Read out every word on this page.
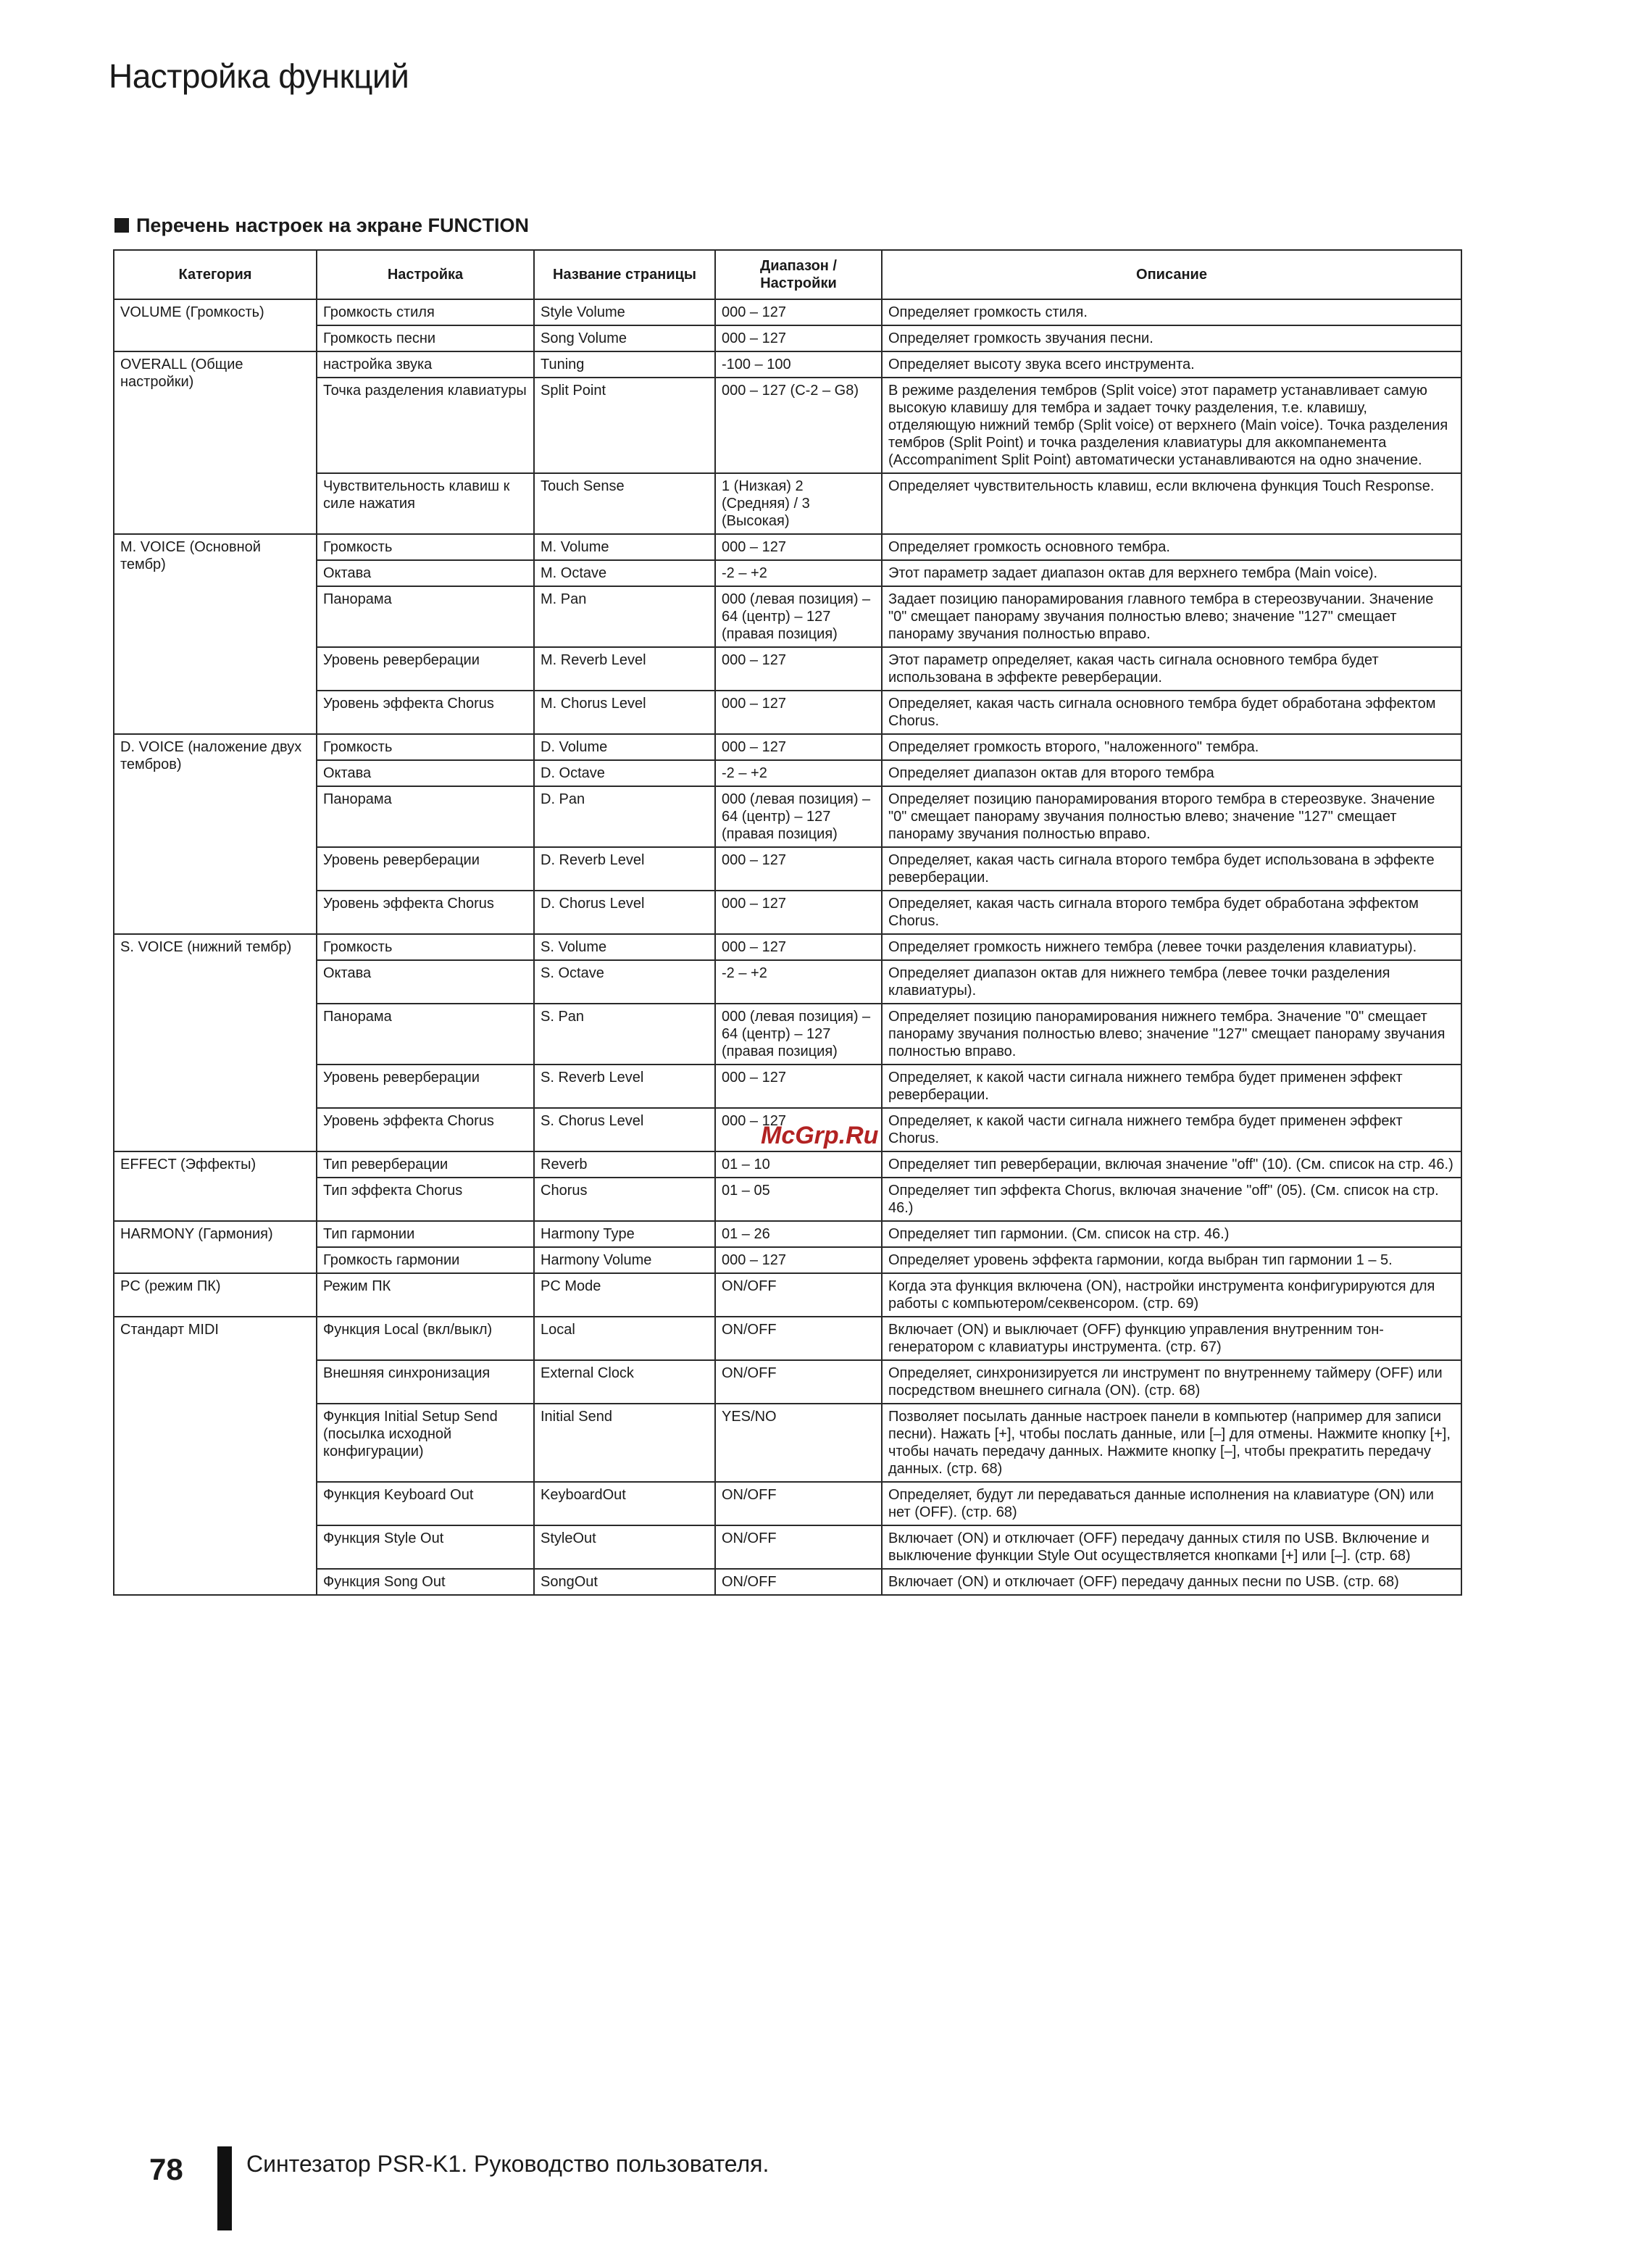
Настройка функций
Перечень настроек на экране FUNCTION
Категория	Настройка	Название страницы	Диапазон / Настройки	Описание
VOLUME (Громкость)	Громкость стиля	Style Volume	000 – 127	Определяет громкость стиля.
	Громкость песни	Song Volume	000 – 127	Определяет громкость звучания песни.
OVERALL (Общие настройки)	настройка звука	Tuning	-100 – 100	Определяет высоту звука всего инструмента.
	Точка разделения клавиатуры	Split Point	000 – 127 (C-2 – G8)	В режиме разделения тембров (Split voice) этот параметр устанавливает самую высокую клавишу для тембра и задает точку разделения, т.е. клавишу, отделяющую нижний тембр (Split voice) от верхнего (Main voice). Точка разделения тембров (Split Point) и точка разделения клавиатуры для аккомпанемента (Accompaniment Split Point) автоматически устанавливаются на одно значение.
	Чувствительность клавиш к силе нажатия	Touch Sense	1 (Низкая) 2 (Средняя) / 3 (Высокая)	Определяет чувствительность клавиш, если включена функция Touch Response.
M. VOICE (Основной тембр)	Громкость	M. Volume	000 – 127	Определяет громкость основного тембра.
	Октава	M. Octave	-2 – +2	Этот параметр задает диапазон октав для верхнего тембра (Main voice).
	Панорама	M. Pan	000 (левая позиция) – 64 (центр) – 127 (правая позиция)	Задает позицию панорамирования главного тембра в стереозвучании. Значение "0" смещает панораму звучания полностью влево; значение "127" смещает панораму звучания полностью вправо.
	Уровень реверберации	M. Reverb Level	000 – 127	Этот параметр определяет, какая часть сигнала основного тембра будет использована в эффекте реверберации.
	Уровень эффекта Chorus	M. Chorus Level	000 – 127	Определяет, какая часть сигнала основного тембра будет обработана эффектом Chorus.
D. VOICE (наложение двух тембров)	Громкость	D. Volume	000 – 127	Определяет громкость второго, "наложенного" тембра.
	Октава	D. Octave	-2 – +2	Определяет диапазон октав для второго тембра
	Панорама	D. Pan	000 (левая позиция) – 64 (центр) – 127 (правая позиция)	Определяет позицию панорамирования второго тембра в стереозвуке. Значение "0" смещает панораму звучания полностью влево; значение "127" смещает панораму звучания полностью вправо.
	Уровень реверберации	D. Reverb Level	000 – 127	Определяет, какая часть сигнала второго тембра будет использована в эффекте реверберации.
	Уровень эффекта Chorus	D. Chorus Level	000 – 127	Определяет, какая часть сигнала второго тембра будет обработана эффектом Chorus.
S. VOICE (нижний тембр)	Громкость	S. Volume	000 – 127	Определяет громкость нижнего тембра (левее точки разделения клавиатуры).
	Октава	S. Octave	-2 – +2	Определяет диапазон октав для нижнего тембра (левее точки разделения клавиатуры).
	Панорама	S. Pan	000 (левая позиция) – 64 (центр) – 127 (правая позиция)	Определяет позицию панорамирования нижнего тембра. Значение "0" смещает панораму звучания полностью влево; значение "127" смещает панораму звучания полностью вправо.
	Уровень реверберации	S. Reverb Level	000 – 127	Определяет, к какой части сигнала нижнего тембра будет применен эффект реверберации.
	Уровень эффекта Chorus	S. Chorus Level	000 – 127	Определяет, к какой части сигнала нижнего тембра будет применен эффект Chorus.
EFFECT (Эффекты)	Тип реверберации	Reverb	01 – 10	Определяет тип реверберации, включая значение "off" (10). (См. список на стр. 46.)
	Тип эффекта Chorus	Chorus	01 – 05	Определяет тип эффекта Chorus, включая значение "off" (05). (См. список на стр. 46.)
HARMONY (Гармония)	Тип гармонии	Harmony Type	01 – 26	Определяет тип гармонии. (См. список на стр. 46.)
	Громкость гармонии	Harmony Volume	000 – 127	Определяет уровень эффекта гармонии, когда выбран тип гармонии 1 – 5.
PC (режим ПК)	Режим ПК	PC Mode	ON/OFF	Когда эта функция включена (ON), настройки инструмента конфигурируются для работы с компьютером/секвенсором. (стр. 69)
Стандарт MIDI	Функция Local (вкл/выкл)	Local	ON/OFF	Включает (ON) и выключает (OFF) функцию управления внутренним тон-генератором с клавиатуры инструмента. (стр. 67)
	Внешняя синхронизация	External Clock	ON/OFF	Определяет, синхронизируется ли инструмент по внутреннему таймеру (OFF) или посредством внешнего сигнала (ON). (стр. 68)
	Функция Initial Setup Send (посылка исходной конфигурации)	Initial Send	YES/NO	Позволяет посылать данные настроек панели в компьютер (например для записи песни). Нажать [+], чтобы послать данные, или [–] для отмены. Нажмите кнопку [+], чтобы начать передачу данных. Нажмите кнопку [–], чтобы прекратить передачу данных. (стр. 68)
	Функция Keyboard Out	KeyboardOut	ON/OFF	Определяет, будут ли передаваться данные исполнения на клавиатуре (ON) или нет (OFF). (стр. 68)
	Функция Style Out	StyleOut	ON/OFF	Включает (ON) и отключает (OFF) передачу данных стиля по USB. Включение и выключение функции Style Out осуществляется кнопками [+] или [–]. (стр. 68)
	Функция Song Out	SongOut	ON/OFF	Включает (ON) и отключает (OFF) передачу данных песни по USB. (стр. 68)
McGrp.Ru
78	Синтезатор PSR-K1. Руководство пользователя.
